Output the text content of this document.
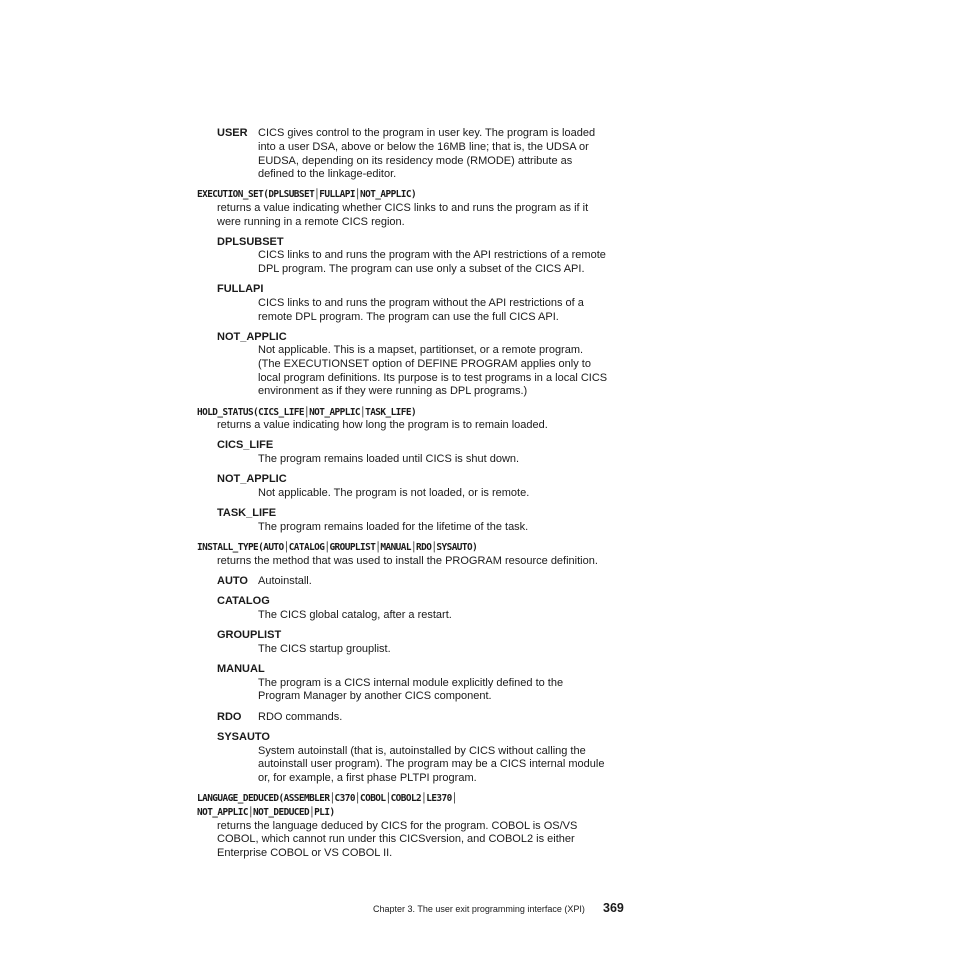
USER CICS gives control to the program in user key. The program is loaded
into a user DSA, above or below the 16MB line; that is, the UDSA or
EUDSA, depending on its residency mode (RMODE) attribute as
defined to the linkage-editor.
EXECUTION_SET(DPLSUBSET│FULLAPI│NOT_APPLIC)
returns a value indicating whether CICS links to and runs the program as if it
were running in a remote CICS region.
DPLSUBSET
CICS links to and runs the program with the API restrictions of a remote
DPL program. The program can use only a subset of the CICS API.
FULLAPI
CICS links to and runs the program without the API restrictions of a
remote DPL program. The program can use the full CICS API.
NOT_APPLIC
Not applicable. This is a mapset, partitionset, or a remote program.
(The EXECUTIONSET option of DEFINE PROGRAM applies only to
local program definitions. Its purpose is to test programs in a local CICS
environment as if they were running as DPL programs.)
HOLD_STATUS(CICS_LIFE│NOT_APPLIC│TASK_LIFE)
returns a value indicating how long the program is to remain loaded.
CICS_LIFE
The program remains loaded until CICS is shut down.
NOT_APPLIC
Not applicable. The program is not loaded, or is remote.
TASK_LIFE
The program remains loaded for the lifetime of the task.
INSTALL_TYPE(AUTO│CATALOG│GROUPLIST│MANUAL│RDO│SYSAUTO)
returns the method that was used to install the PROGRAM resource definition.
AUTO Autoinstall.
CATALOG
The CICS global catalog, after a restart.
GROUPLIST
The CICS startup grouplist.
MANUAL
The program is a CICS internal module explicitly defined to the
Program Manager by another CICS component.
RDO RDO commands.
SYSAUTO
System autoinstall (that is, autoinstalled by CICS without calling the
autoinstall user program). The program may be a CICS internal module
or, for example, a first phase PLTPI program.
LANGUAGE_DEDUCED(ASSEMBLER│C370│COBOL│COBOL2│LE370│
NOT_APPLIC│NOT_DEDUCED│PLI)
returns the language deduced by CICS for the program. COBOL is OS/VS
COBOL, which cannot run under this CICSversion, and COBOL2 is either
Enterprise COBOL or VS COBOL II.
Chapter 3. The user exit programming interface (XPI) 369
